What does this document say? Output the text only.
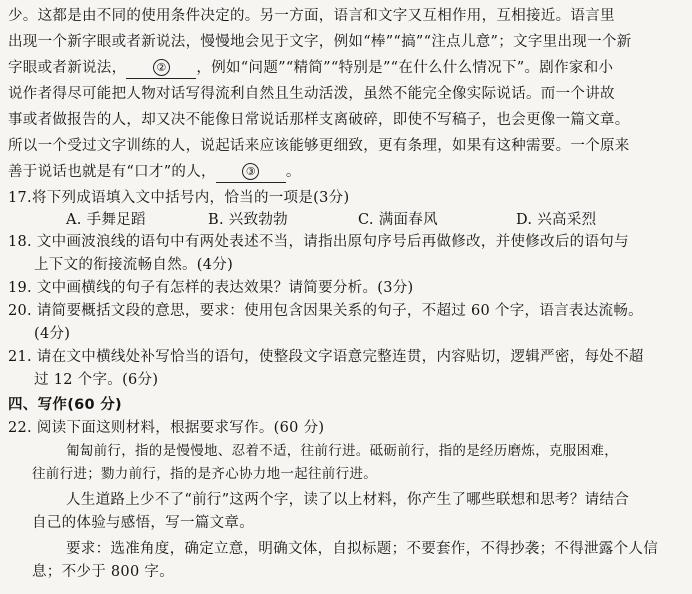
少。这都是由不同的使用条件决定的。另一方面，语言和文字又互相作用，互相接近。语言里
出现一个新字眼或者新说法，慢慢地会见于文字，例如“棒”“搞”“注点儿意”；文字里出现一个新
字眼或者新说法，	② ，例如“问题”“精简”“特别是”“在什么什么情况下”。剧作家和小
说作者得尽可能把人物对话写得流利自然且生动活泼，虽然不能完全像实际说话。而一个讲故
事或者做报告的人，却又决不能像日常说话那样支离破碎，即使不写稿子，也会更像一篇文章。
所以一个受过文字训练的人，说起话来应该能够更细致，更有条理，如果有这种需要。一个原来
善于说话也就是有“口才”的人，	③ 。
17.将下列成语填入文中括号内，恰当的一项是(3分)
A. 手舞足蹈	B. 兴致勃勃	C. 满面春风	D. 兴高采烈
18. 文中画波浪线的语句中有两处表述不当，请指出原句序号后再做修改，并使修改后的语句与
上下文的衔接流畅自然。(4分)
19. 文中画横线的句子有怎样的表达效果？请简要分析。(3分)
20. 请简要概括文段的意思，要求：使用包含因果关系的句子，不超过 60 个字，语言表达流畅。
(4分)
21. 请在文中横线处补写恰当的语句，使整段文字语意完整连贯，内容贴切，逻辑严密，每处不超
过 12 个字。(6分)
四、写作(60 分)
22. 阅读下面这则材料，根据要求写作。(60 分)
匍匐前行，指的是慢慢地、忍着不适，往前行进。砥砺前行，指的是经历磨炼，克服困难，
往前行进；勠力前行，指的是齐心协力地一起往前行进。
人生道路上少不了“前行”这两个字，读了以上材料，你产生了哪些联想和思考？请结合
自己的体验与感悟，写一篇文章。
要求：选准角度，确定立意，明确文体，自拟标题；不要套作，不得抄袭；不得泄露个人信
息；不少于 800 字。
